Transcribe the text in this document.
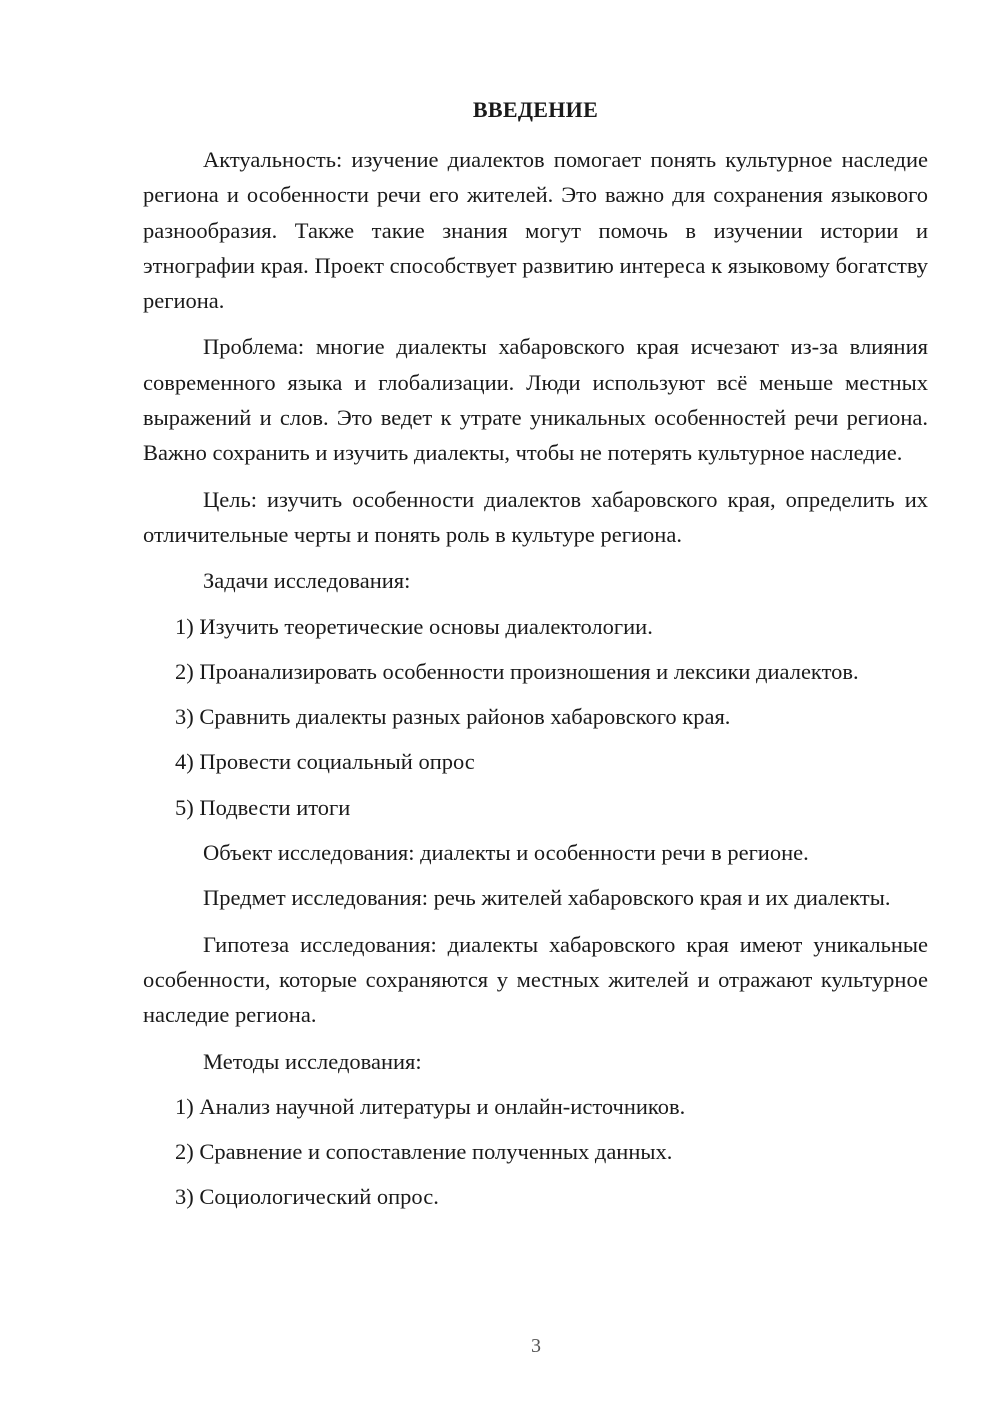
ВВЕДЕНИЕ

Актуальность: изучение диалектов помогает понять культурное наследие региона и особенности речи его жителей. Это важно для сохранения языкового разнообразия. Также такие знания могут помочь в изучении истории и этнографии края. Проект способствует развитию интереса к языковому богатству региона.

Проблема: многие диалекты хабаровского края исчезают из-за влияния современного языка и глобализации. Люди используют всё меньше местных выражений и слов. Это ведет к утрате уникальных особенностей речи региона. Важно сохранить и изучить диалекты, чтобы не потерять культурное наследие.

Цель: изучить особенности диалектов хабаровского края, определить их отличительные черты и понять роль в культуре региона.

Задачи исследования:

1) Изучить теоретические основы диалектологии.

2) Проанализировать особенности произношения и лексики диалектов.

3) Сравнить диалекты разных районов хабаровского края.

4) Провести социальный опрос

5) Подвести итоги

Объект исследования: диалекты и особенности речи в регионе.

Предмет исследования: речь жителей хабаровского края и их диалекты.

Гипотеза исследования: диалекты хабаровского края имеют уникальные особенности, которые сохраняются у местных жителей и отражают культурное наследие региона.

Методы исследования:

1) Анализ научной литературы и онлайн-источников.

2) Сравнение и сопоставление полученных данных.

3) Социологический опрос.

3
